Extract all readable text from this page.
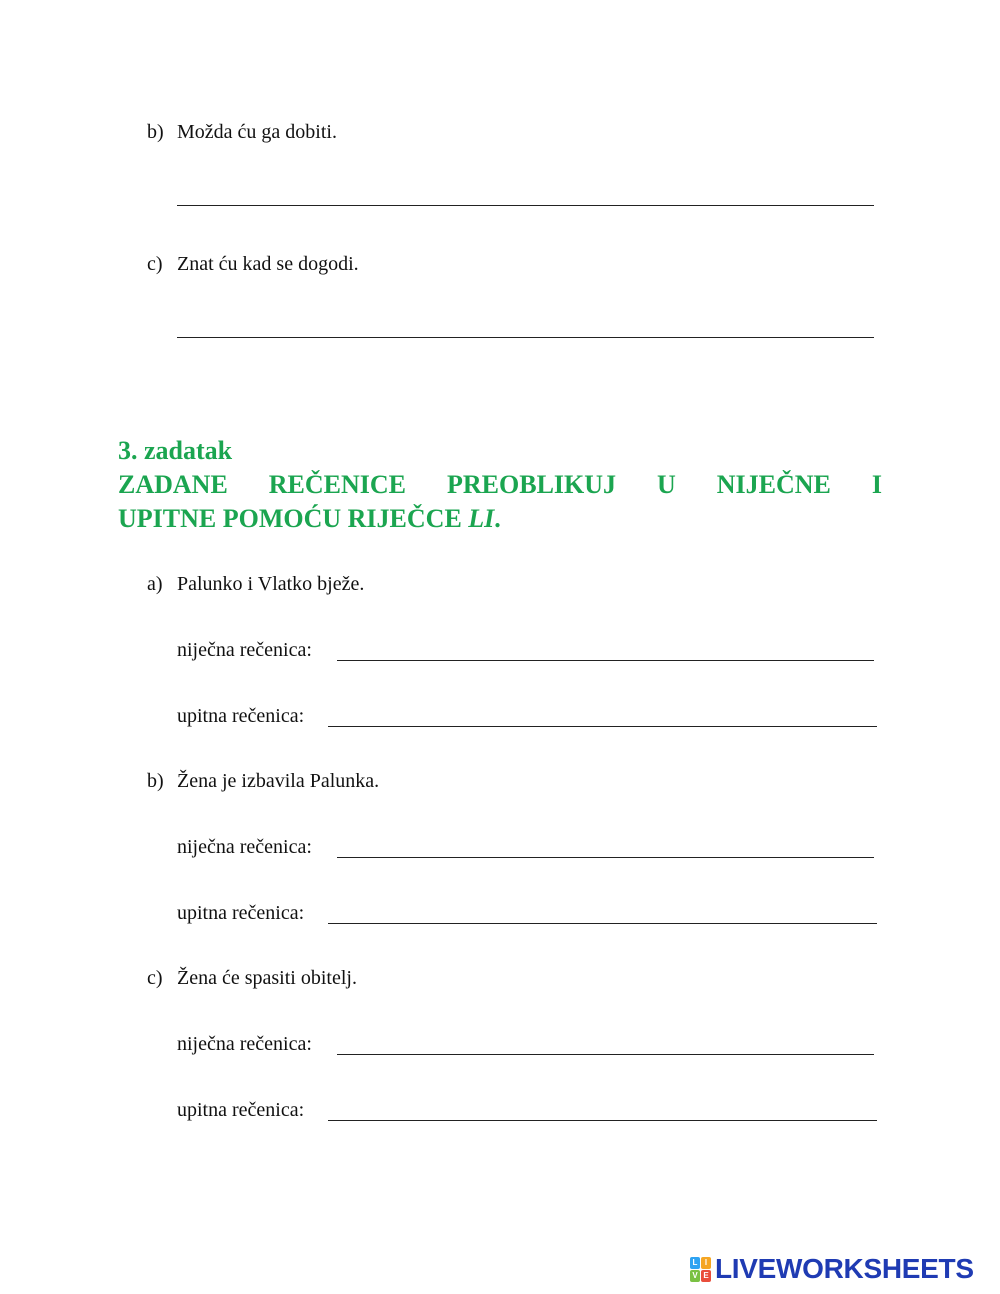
b) Možda ću ga dobiti.
c) Znat ću kad se dogodi.
3. zadatak
ZADANE REČENICE PREOBLIKUJ U NIJEČNE I
UPITNE POMOĆU RIJEČCE LI.
a) Palunko i Vlatko bježe.
niječna rečenica:
upitna rečenica:
b) Žena je izbavila Palunka.
niječna rečenica:
upitna rečenica:
c) Žena će spasiti obitelj.
niječna rečenica:
upitna rečenica:
L I
V E LIVEWORKSHEETS
